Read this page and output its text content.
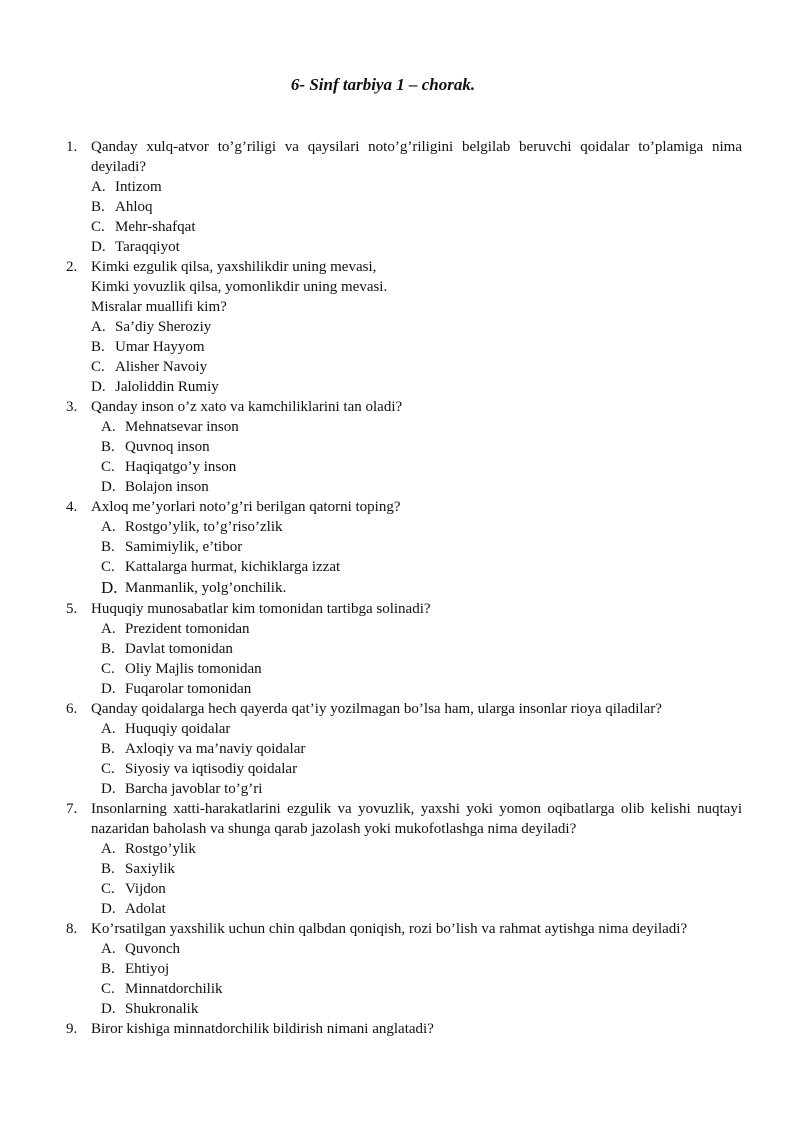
6- Sinf tarbiya 1 – chorak.
1. Qanday xulq-atvor to’g’riligi va qaysilari noto’g’riligini belgilab beruvchi qoidalar to’plamiga nima deyiladi?
A. Intizom
B. Ahloq
C. Mehr-shafqat
D. Taraqqiyot
2. Kimki ezgulik qilsa, yaxshilikdir uning mevasi,
Kimki yovuzlik qilsa, yomonlikdir uning mevasi.
Misralar muallifi kim?
A. Sa’diy Sheroziy
B. Umar Hayyom
C. Alisher Navoiy
D. Jaloliddin Rumiy
3. Qanday inson o’z xato va kamchiliklarini tan oladi?
A. Mehnatsevar inson
B. Quvnoq inson
C. Haqiqatgo’y inson
D. Bolajon inson
4. Axloq me’yorlari noto’g’ri berilgan qatorni toping?
A. Rostgo’ylik, to’g’riso’zlik
B. Samimiylik, e’tibor
C. Kattalarga hurmat, kichiklarga izzat
D. Manmanlik, yolg’onchilik.
5. Huquqiy munosabatlar kim tomonidan tartibga solinadi?
A. Prezident tomonidan
B. Davlat tomonidan
C. Oliy Majlis tomonidan
D. Fuqarolar tomonidan
6. Qanday qoidalarga hech qayerda qat’iy yozilmagan bo’lsa ham, ularga insonlar rioya qiladilar?
A. Huquqiy qoidalar
B. Axloqiy va ma’naviy qoidalar
C. Siyosiy va iqtisodiy qoidalar
D. Barcha javoblar to’g’ri
7. Insonlarning xatti-harakatlarini ezgulik va yovuzlik, yaxshi yoki yomon oqibatlarga olib kelishi nuqtayi nazaridan baholash va shunga qarab jazolash yoki mukofotlashga nima deyiladi?
A. Rostgo’ylik
B. Saxiylik
C. Vijdon
D. Adolat
8. Ko’rsatilgan yaxshilik uchun chin qalbdan qoniqish, rozi bo’lish va rahmat aytishga nima deyiladi?
A. Quvonch
B. Ehtiyoj
C. Minnatdorchilik
D. Shukronalik
9. Biror kishiga minnatdorchilik bildirish nimani anglatadi?
